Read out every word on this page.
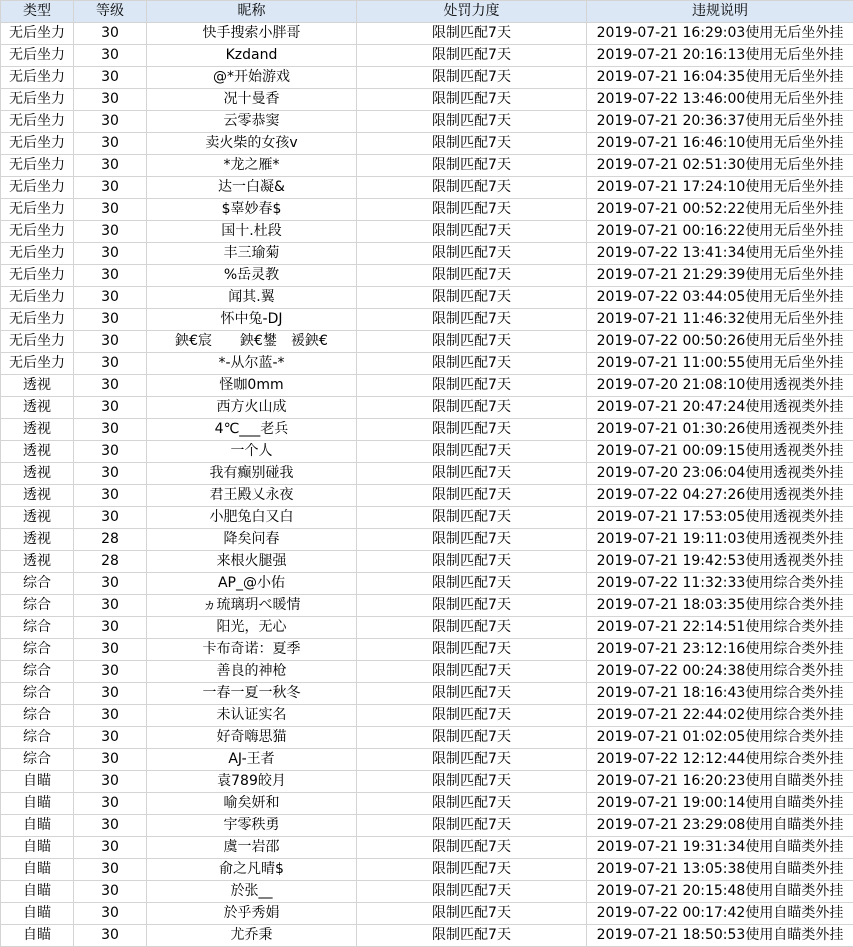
类型	等级	昵称	处罚力度	违规说明
无后坐力	30	快手搜索小胖哥	限制匹配7天	2019-07-21 16:29:03使用无后坐外挂
无后坐力	30	Kzdand	限制匹配7天	2019-07-21 20:16:13使用无后坐外挂
无后坐力	30	@*开始游戏	限制匹配7天	2019-07-21 16:04:35使用无后坐外挂
无后坐力	30	况十曼香	限制匹配7天	2019-07-22 13:46:00使用无后坐外挂
无后坐力	30	云零恭窦	限制匹配7天	2019-07-21 20:36:37使用无后坐外挂
无后坐力	30	卖火柴的女孩v	限制匹配7天	2019-07-21 16:46:10使用无后坐外挂
无后坐力	30	*龙之雁*	限制匹配7天	2019-07-21 02:51:30使用无后坐外挂
无后坐力	30	达一白凝&	限制匹配7天	2019-07-21 17:24:10使用无后坐外挂
无后坐力	30	$辜妙春$	限制匹配7天	2019-07-21 00:52:22使用无后坐外挂
无后坐力	30	国十.杜段	限制匹配7天	2019-07-21 00:16:22使用无后坐外挂
无后坐力	30	丰三瑜菊	限制匹配7天	2019-07-22 13:41:34使用无后坐外挂
无后坐力	30	%岳灵教	限制匹配7天	2019-07-21 21:29:39使用无后坐外挂
无后坐力	30	闻其.翼	限制匹配7天	2019-07-22 03:44:05使用无后坐外挂
无后坐力	30	怀中兔-DJ	限制匹配7天	2019-07-21 11:46:32使用无后坐外挂
无后坐力	30	鉠€宸　　鉠€鐢　褑鉠€	限制匹配7天	2019-07-22 00:50:26使用无后坐外挂
无后坐力	30	*-从尔蓝-*	限制匹配7天	2019-07-21 11:00:55使用无后坐外挂
透视	30	怪咖0mm	限制匹配7天	2019-07-20 21:08:10使用透视类外挂
透视	30	西方火山成	限制匹配7天	2019-07-21 20:47:24使用透视类外挂
透视	30	4℃___老兵	限制匹配7天	2019-07-21 01:30:26使用透视类外挂
透视	30	一个人	限制匹配7天	2019-07-21 00:09:15使用透视类外挂
透视	30	我有癫别碰我	限制匹配7天	2019-07-20 23:06:04使用透视类外挂
透视	30	君王殿乂永夜	限制匹配7天	2019-07-22 04:27:26使用透视类外挂
透视	30	小肥兔白又白	限制匹配7天	2019-07-21 17:53:05使用透视类外挂
透视	28	降矣问春	限制匹配7天	2019-07-21 19:11:03使用透视类外挂
透视	28	来根火腿强	限制匹配7天	2019-07-21 19:42:53使用透视类外挂
综合	30	AP_@小佑	限制匹配7天	2019-07-22 11:32:33使用综合类外挂
综合	30	ヵ琉璃玥べ暖情	限制匹配7天	2019-07-21 18:03:35使用综合类外挂
综合	30	阳光，无心	限制匹配7天	2019-07-21 22:14:51使用综合类外挂
综合	30	卡布奇诺：夏季	限制匹配7天	2019-07-21 23:12:16使用综合类外挂
综合	30	善良的神枪	限制匹配7天	2019-07-22 00:24:38使用综合类外挂
综合	30	一春一夏一秋冬	限制匹配7天	2019-07-21 18:16:43使用综合类外挂
综合	30	未认证实名	限制匹配7天	2019-07-21 22:44:02使用综合类外挂
综合	30	好奇嗨思猫	限制匹配7天	2019-07-21 01:02:05使用综合类外挂
综合	30	AJ-王者	限制匹配7天	2019-07-22 12:12:44使用综合类外挂
自瞄	30	袁789皎月	限制匹配7天	2019-07-21 16:20:23使用自瞄类外挂
自瞄	30	喻矣妍和	限制匹配7天	2019-07-21 19:00:14使用自瞄类外挂
自瞄	30	宇零秩勇	限制匹配7天	2019-07-21 23:29:08使用自瞄类外挂
自瞄	30	虞一岩邵	限制匹配7天	2019-07-21 19:31:34使用自瞄类外挂
自瞄	30	俞之凡晴$	限制匹配7天	2019-07-21 13:05:38使用自瞄类外挂
自瞄	30	於张__	限制匹配7天	2019-07-21 20:15:48使用自瞄类外挂
自瞄	30	於乎秀娟	限制匹配7天	2019-07-22 00:17:42使用自瞄类外挂
自瞄	30	尤乔秉	限制匹配7天	2019-07-21 18:50:53使用自瞄类外挂
